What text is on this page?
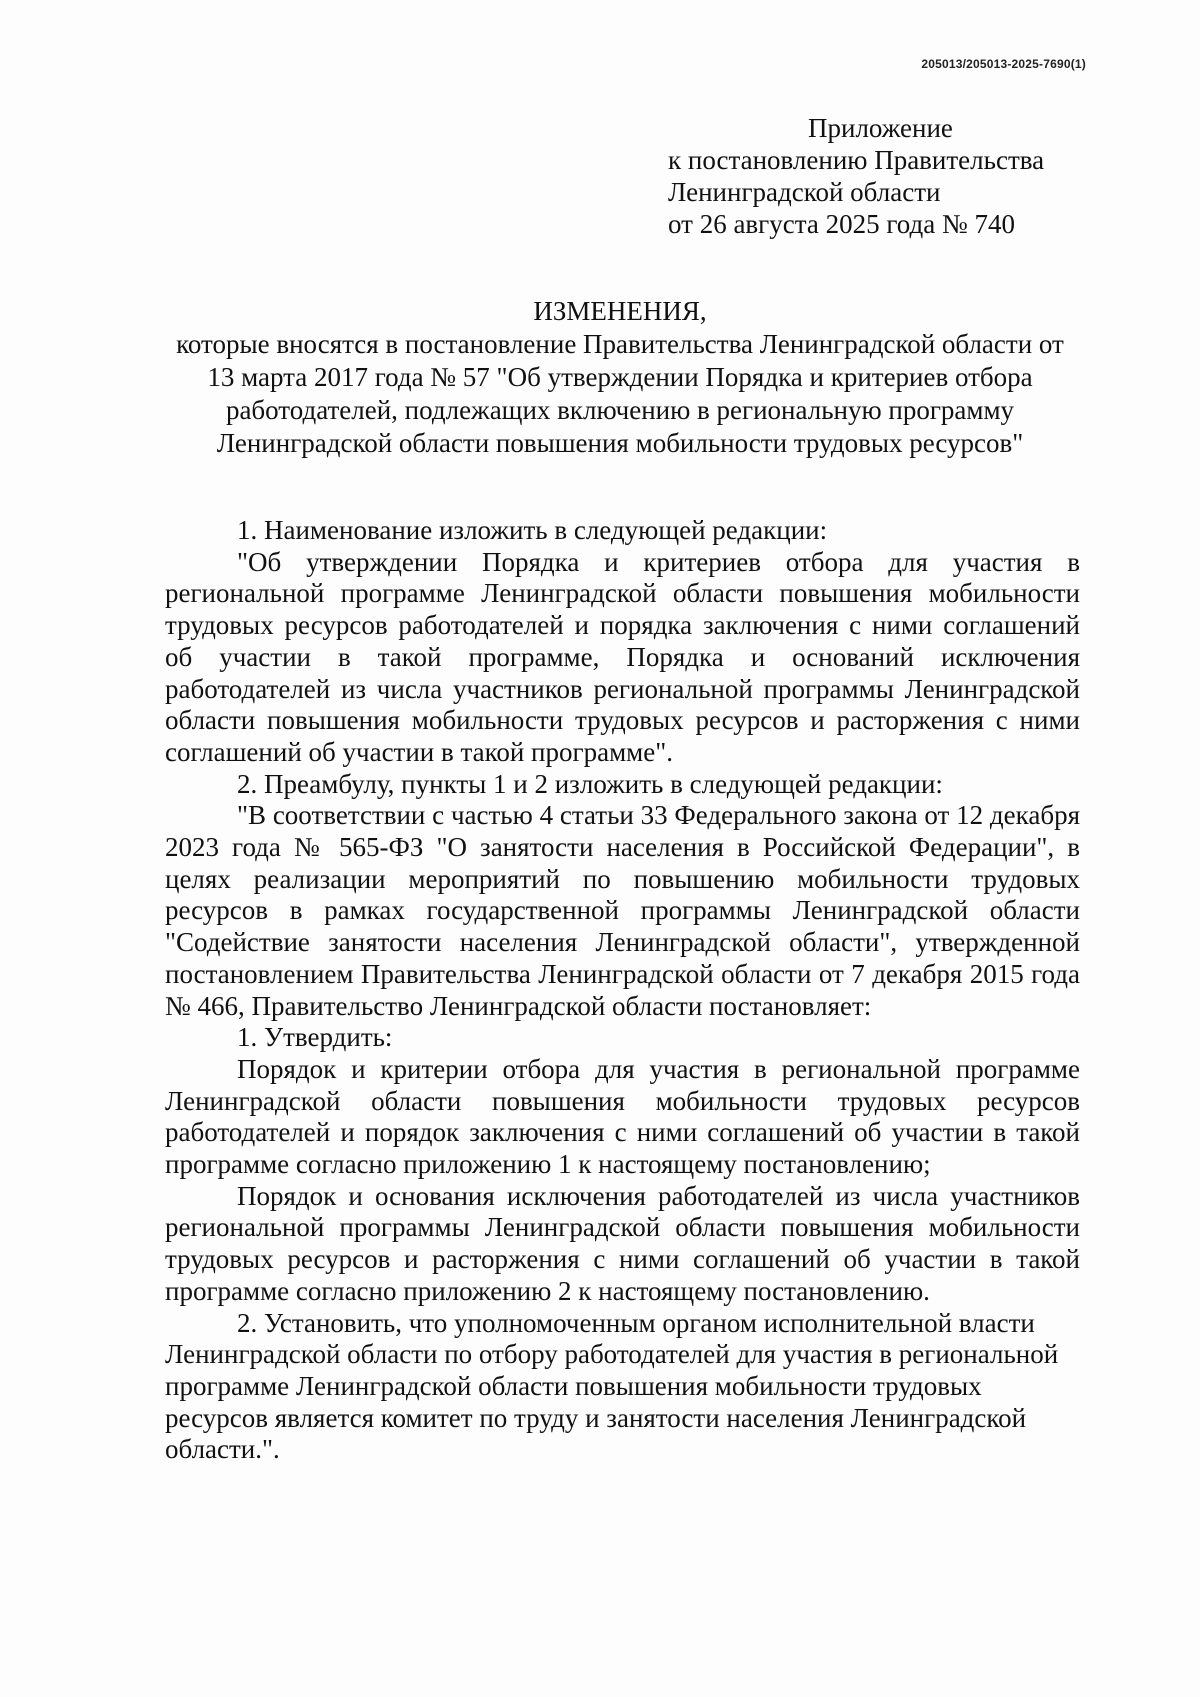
205013/205013-2025-7690(1)
Приложение
к постановлению Правительства
Ленинградской области
от 26 августа 2025 года № 740
ИЗМЕНЕНИЯ,
которые вносятся в постановление Правительства Ленинградской области от 13 марта 2017 года № 57 "Об утверждении Порядка и критериев отбора работодателей, подлежащих включению в региональную программу Ленинградской области повышения мобильности трудовых ресурсов"

1. Наименование изложить в следующей редакции:

"Об утверждении Порядка и критериев отбора для участия в региональной программе Ленинградской области повышения мобильности трудовых ресурсов работодателей и порядка заключения с ними соглашений об участии в такой программе, Порядка и оснований исключения работодателей из числа участников региональной программы Ленинградской области повышения мобильности трудовых ресурсов и расторжения с ними соглашений об участии в такой программе".

2. Преамбулу, пункты 1 и 2 изложить в следующей редакции:

"В соответствии с частью 4 статьи 33 Федерального закона от 12 декабря 2023 года № 565-ФЗ "О занятости населения в Российской Федерации", в целях реализации мероприятий по повышению мобильности трудовых ресурсов в рамках государственной программы Ленинградской области "Содействие занятости населения Ленинградской области", утвержденной постановлением Правительства Ленинградской области от 7 декабря 2015 года № 466, Правительство Ленинградской области постановляет:

1. Утвердить:

Порядок и критерии отбора для участия в региональной программе Ленинградской области повышения мобильности трудовых ресурсов работодателей и порядок заключения с ними соглашений об участии в такой программе согласно приложению 1 к настоящему постановлению;

Порядок и основания исключения работодателей из числа участников региональной программы Ленинградской области повышения мобильности трудовых ресурсов и расторжения с ними соглашений об участии в такой программе согласно приложению 2 к настоящему постановлению.

2. Установить, что уполномоченным органом исполнительной власти Ленинградской области по отбору работодателей для участия в региональной программе Ленинградской области повышения мобильности трудовых ресурсов является комитет по труду и занятости населения Ленинградской области.".
